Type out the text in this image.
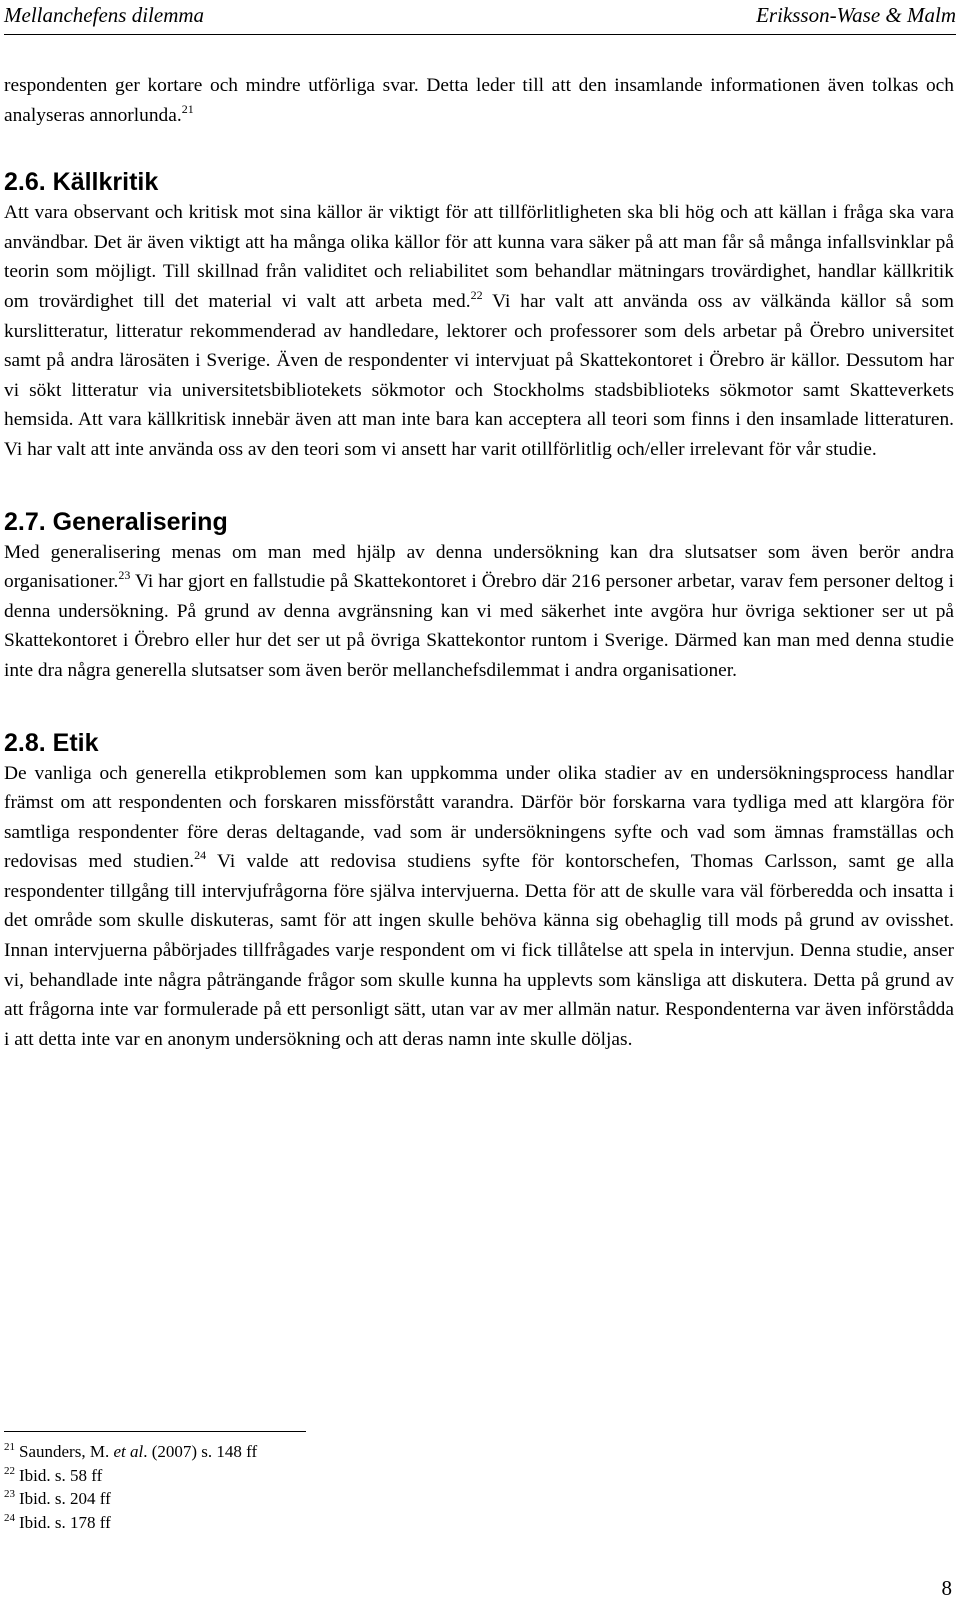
Mellanchefens dilemma	Eriksson-Wase & Malm

respondenten ger kortare och mindre utförliga svar. Detta leder till att den insamlande informationen även tolkas och analyseras annorlunda.$^{21}$

2.6. Källkritik

Att vara observant och kritisk mot sina källor är viktigt för att tillförlitligheten ska bli hög och att källan i fråga ska vara användbar. Det är även viktigt att ha många olika källor för att kunna vara säker på att man får så många infallsvinklar på teorin som möjligt. Till skillnad från validitet och reliabilitet som behandlar mätningars trovärdighet, handlar källkritik om trovärdighet till det material vi valt att arbeta med.$^{22}$ Vi har valt att använda oss av välkända källor så som kurslitteratur, litteratur rekommenderad av handledare, lektorer och professorer som dels arbetar på Örebro universitet samt på andra lärosäten i Sverige. Även de respondenter vi intervjuat på Skattekontoret i Örebro är källor. Dessutom har vi sökt litteratur via universitetsbibliotekets sökmotor och Stockholms stadsbiblioteks sökmotor samt Skatteverkets hemsida. Att vara källkritisk innebär även att man inte bara kan acceptera all teori som finns i den insamlade litteraturen. Vi har valt att inte använda oss av den teori som vi ansett har varit otillförlitlig och/eller irrelevant för vår studie.

2.7. Generalisering

Med generalisering menas om man med hjälp av denna undersökning kan dra slutsatser som även berör andra organisationer.$^{23}$ Vi har gjort en fallstudie på Skattekontoret i Örebro där 216 personer arbetar, varav fem personer deltog i denna undersökning. På grund av denna avgränsning kan vi med säkerhet inte avgöra hur övriga sektioner ser ut på Skattekontoret i Örebro eller hur det ser ut på övriga Skattekontor runtom i Sverige. Därmed kan man med denna studie inte dra några generella slutsatser som även berör mellanchefsdilemmat i andra organisationer.

2.8. Etik

De vanliga och generella etikproblemen som kan uppkomma under olika stadier av en undersökningsprocess handlar främst om att respondenten och forskaren missförstått varandra. Därför bör forskarna vara tydliga med att klargöra för samtliga respondenter före deras deltagande, vad som är undersökningens syfte och vad som ämnas framställas och redovisas med studien.$^{24}$ Vi valde att redovisa studiens syfte för kontorschefen, Thomas Carlsson, samt ge alla respondenter tillgång till intervjufrågorna före själva intervjuerna. Detta för att de skulle vara väl förberedda och insatta i det område som skulle diskuteras, samt för att ingen skulle behöva känna sig obehaglig till mods på grund av ovisshet. Innan intervjuerna påbörjades tillfrågades varje respondent om vi fick tillåtelse att spela in intervjun. Denna studie, anser vi, behandlade inte några påträngande frågor som skulle kunna ha upplevts som känsliga att diskutera. Detta på grund av att frågorna inte var formulerade på ett personligt sätt, utan var av mer allmän natur. Respondenterna var även införstådda i att detta inte var en anonym undersökning och att deras namn inte skulle döljas.

$^{21}$ Saunders, M. et al. (2007) s. 148 ff
$^{22}$ Ibid. s. 58 ff
$^{23}$ Ibid. s. 204 ff
$^{24}$ Ibid. s. 178 ff
8
